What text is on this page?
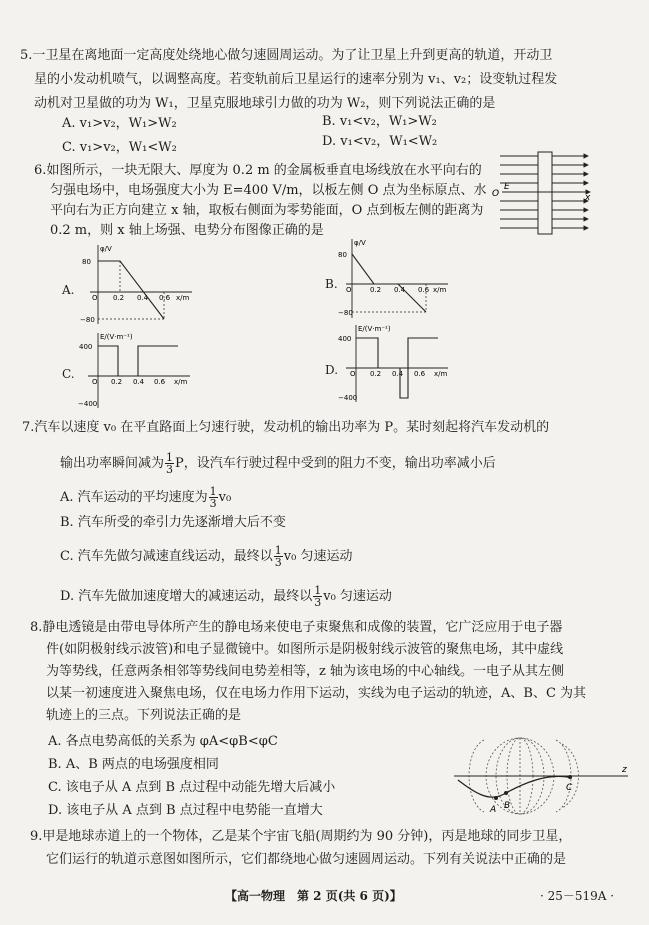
5.一卫星在离地面一定高度处绕地心做匀速圆周运动。为了让卫星上升到更高的轨道，开动卫
星的小发动机喷气，以调整高度。若变轨前后卫星运行的速率分别为 v₁、v₂；设变轨过程发
动机对卫星做的功为 W₁，卫星克服地球引力做的功为 W₂，则下列说法正确的是
A. v₁>v₂，W₁>W₂	B. v₁<v₂，W₁>W₂
C. v₁>v₂，W₁<W₂	D. v₁<v₂，W₁<W₂
6.如图所示，一块无限大、厚度为 0.2 m 的金属板垂直电场线放在水平向右的
匀强电场中，电场强度大小为 E=400 V/m，以板左侧 O 点为坐标原点、水
平向右为正方向建立 x 轴，取板右侧面为零势能面，O 点到板左侧的距离为
0.2 m，则 x 轴上场强、电势分布图像正确的是
E
O	x
A.
φ/V
x/m
80
−80
O 0.2 0.4 0.6
B.
φ/V
x/m
80
−80
O	0.2 0.4 0.6
C.
E/(V·m⁻¹)
x/m
400
−400
O 0.2 0.4 0.6
D.
E/(V·m⁻¹)
x/m
400
−400
O 0.2 0.4 0.6
7.汽车以速度 v₀ 在平直路面上匀速行驶，发动机的输出功率为 P。某时刻起将汽车发动机的
输出功率瞬间减为 $\frac{1}{3}$ P，设汽车行驶过程中受到的阻力不变，输出功率减小后
A. 汽车运动的平均速度为 $\frac{1}{3} v_0$
B. 汽车所受的牵引力先逐渐增大后不变
C. 汽车先做匀减速直线运动，最终以 $\frac{1}{3} v_0$ 匀速运动
D. 汽车先做加速度增大的减速运动，最终以 $\frac{1}{3} v_0$ 匀速运动
8.静电透镜是由带电导体所产生的静电场来使电子束聚焦和成像的装置，它广泛应用于电子器
件(如阴极射线示波管)和电子显微镜中。如图所示是阴极射线示波管的聚焦电场，其中虚线
为等势线，任意两条相邻等势线间电势差相等，z 轴为该电场的中心轴线。一电子从其左侧
以某一初速度进入聚焦电场，仅在电场力作用下运动，实线为电子运动的轨迹，A、B、C 为其
轨迹上的三点。下列说法正确的是
A. 各点电势高低的关系为 φA<φB<φC
B. A、B 两点的电场强度相同
C. 该电子从 A 点到 B 点过程中动能先增大后减小
D. 该电子从 A 点到 B 点过程中电势能一直增大
z
A B
C
9.甲是地球赤道上的一个物体，乙是某个宇宙飞船(周期约为 90 分钟)，丙是地球的同步卫星，
它们运行的轨道示意图如图所示，它们都绕地心做匀速圆周运动。下列有关说法中正确的是
【高一物理　第 2 页(共 6 页)】	· 25－519A ·
